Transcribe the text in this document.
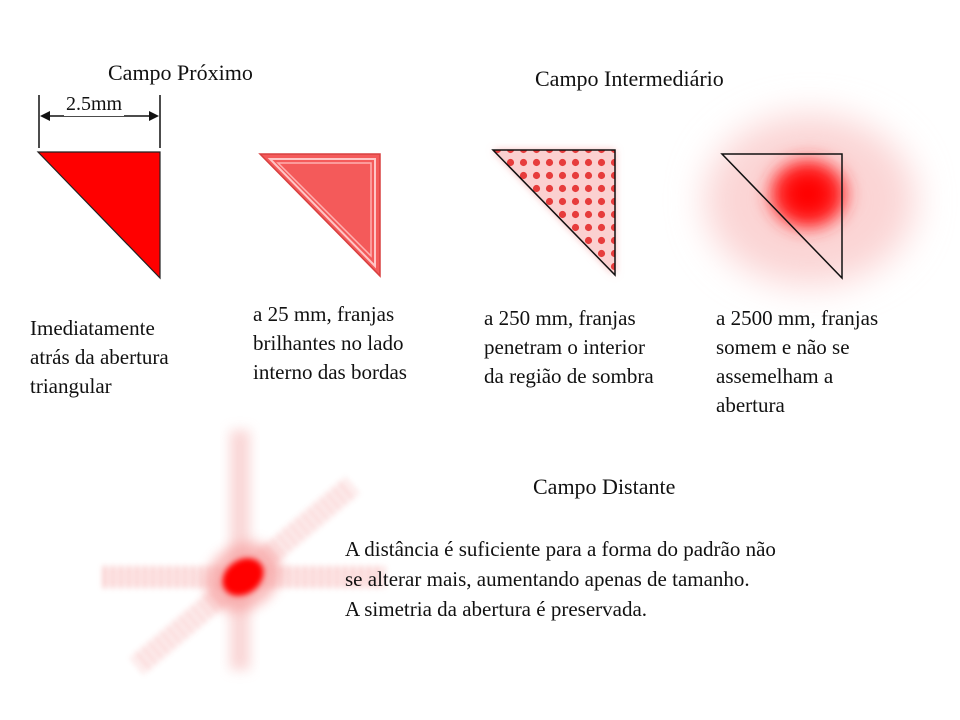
Campo Próximo	Campo Intermediário
Campo Distante
2.5mm
Imediatamente
atrás da abertura
triangular
a 25 mm, franjas
brilhantes no lado
interno das bordas
a 250 mm, franjas
penetram o interior
da região de sombra
a 2500 mm, franjas
somem e não se
assemelham a
abertura
A distância é suficiente para a forma do padrão não
se alterar mais, aumentando apenas de tamanho.
A simetria da abertura é preservada.
